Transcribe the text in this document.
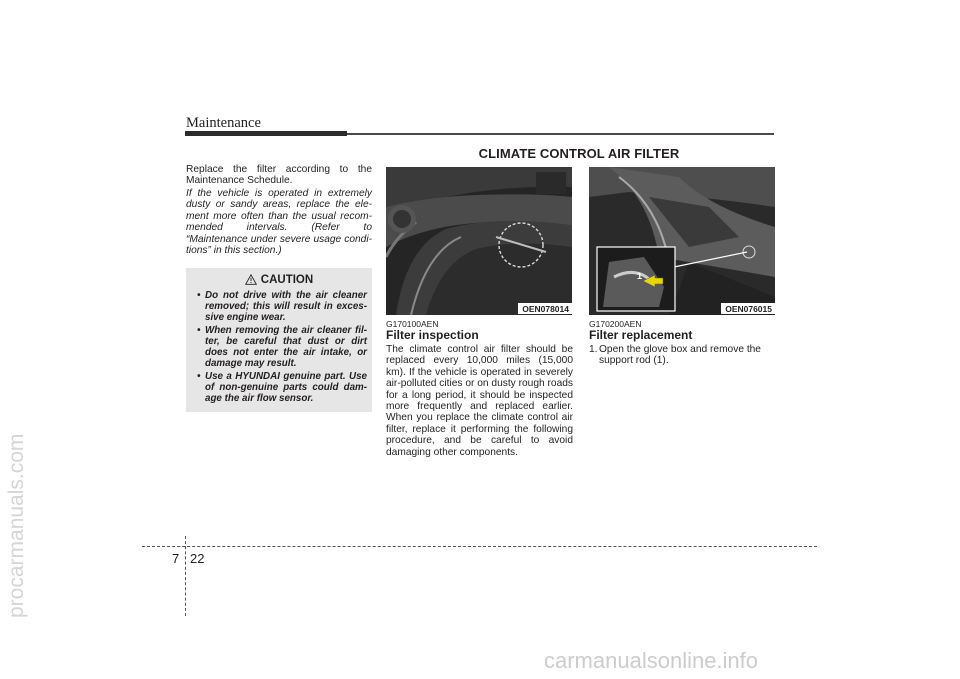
Maintenance
CLIMATE CONTROL AIR FILTER
Replace the filter according to the Maintenance Schedule.
If the vehicle is operated in extremely dusty or sandy areas, replace the ele-ment more often than the usual recom-mended intervals. (Refer to “Maintenance under severe usage condi-tions” in this section.)
CAUTION
• Do not drive with the air cleaner removed; this will result in exces-sive engine wear.
• When removing the air cleaner fil-ter, be careful that dust or dirt does not enter the air intake, or damage may result.
• Use a HYUNDAI genuine part. Use of non-genuine parts could dam-age the air flow sensor.
OEN078014
1
OEN076015
G170100AEN
Filter inspection
The climate control air filter should be replaced every 10,000 miles (15,000 km). If the vehicle is operated in severely air-polluted cities or on dusty rough roads for a long period, it should be inspected more frequently and replaced earlier. When you replace the climate control air filter, replace it performing the following procedure, and be careful to avoid damaging other components.
G170200AEN
Filter replacement
1. Open the glove box and remove the
support rod (1).
7 22
procarmanuals.com
carmanualsonline.info
